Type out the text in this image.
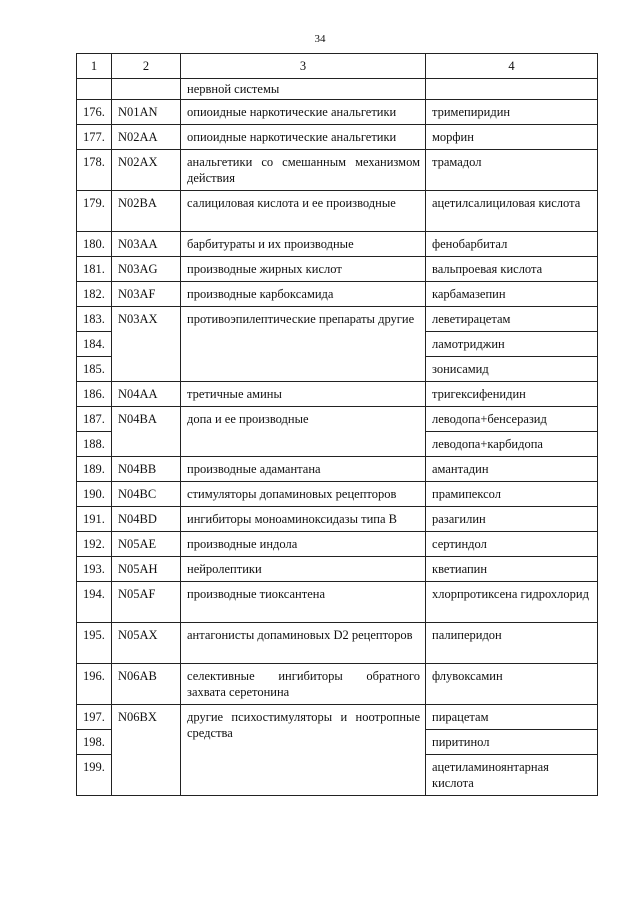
34
1	2	3	4
		нервной системы	
176.	N01AN	опиоидные наркотические анальгетики	тримепиридин
177.	N02AA	опиоидные наркотические анальгетики	морфин
178.	N02AX	анальгетики со смешанным механизмом действия	трамадол
179.	N02BA	салициловая кислота и ее производные	ацетилсалициловая кислота
180.	N03AA	барбитураты и их производные	фенобарбитал
181.	N03AG	производные жирных кислот	вальпроевая кислота
182.	N03AF	производные карбоксамида	карбамазепин
183.	N03AX	противоэпилептические препараты другие	леветирацетам
184.			ламотриджин
185.			зонисамид
186.	N04AA	третичные амины	тригексифенидин
187.	N04BA	допа и ее производные	леводопа+бенсеразид
188.			леводопа+карбидопа
189.	N04BB	производные адамантана	амантадин
190.	N04BC	стимуляторы допаминовых рецепторов	прамипексол
191.	N04BD	ингибиторы моноаминоксидазы типа В	разагилин
192.	N05AE	производные индола	сертиндол
193.	N05AH	нейролептики	кветиапин
194.	N05AF	производные тиоксантена	хлорпротиксена гидрохлорид
195.	N05AX	антагонисты допаминовых D2 рецепторов	палиперидон
196.	N06AB	селективные ингибиторы обратного захвата серетонина	флувоксамин
197.	N06BX	другие психостимуляторы и ноотропные средства	пирацетам
198.			пиритинол
199.			ацетиламиноянтарная кислота
